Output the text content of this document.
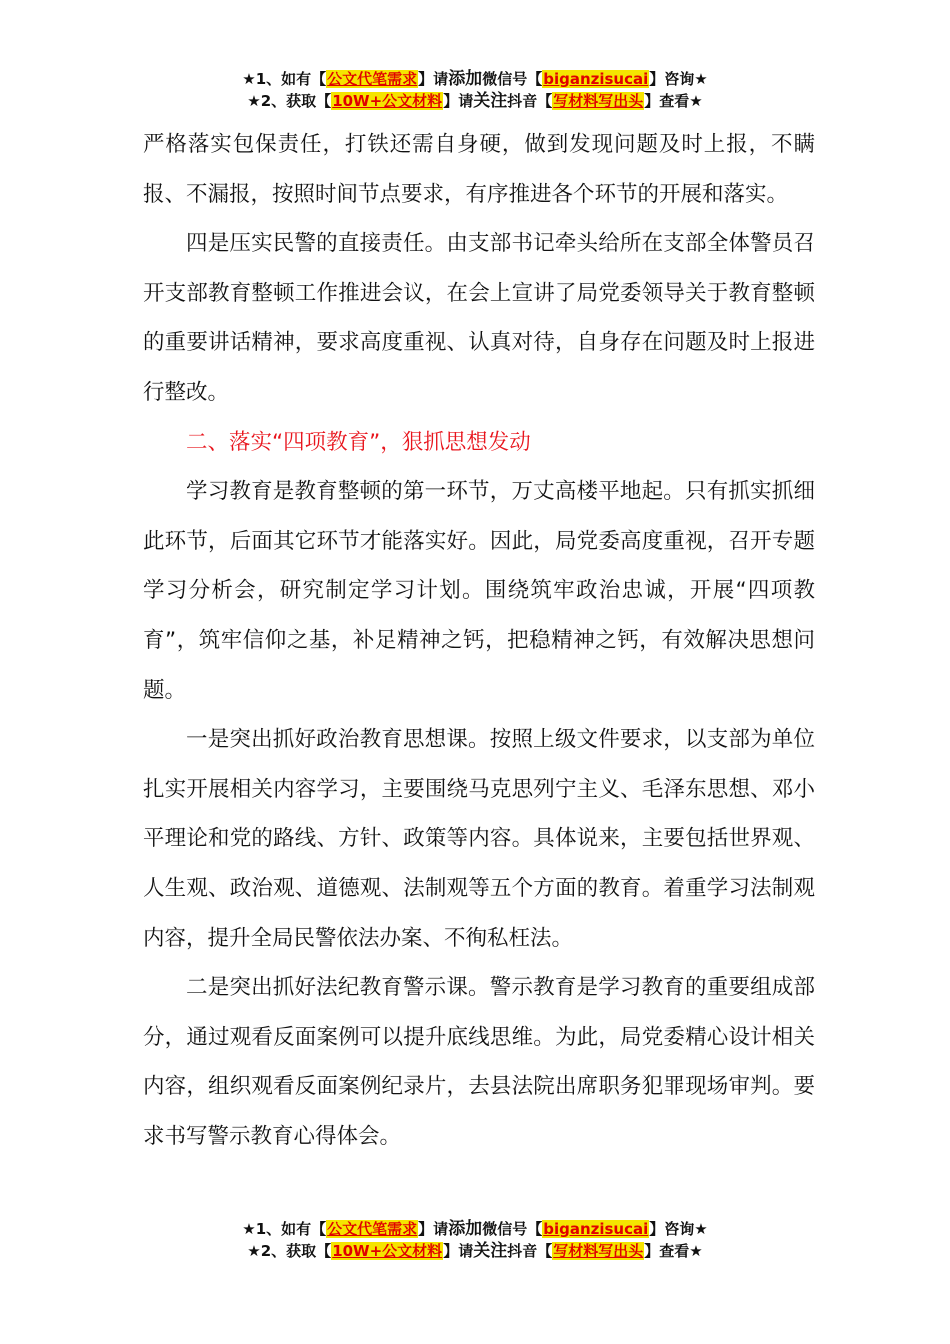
★1、如有【公文代笔需求】请添加微信号【biganzisucai】咨询★
★2、获取【10W+公文材料】请关注抖音【写材料写出头】查看★

严格落实包保责任，打铁还需自身硬，做到发现问题及时上报，不瞒报、不漏报，按照时间节点要求，有序推进各个环节的开展和落实。

四是压实民警的直接责任。由支部书记牵头给所在支部全体警员召开支部教育整顿工作推进会议，在会上宣讲了局党委领导关于教育整顿的重要讲话精神，要求高度重视、认真对待，自身存在问题及时上报进行整改。

二、落实“四项教育”，狠抓思想发动

学习教育是教育整顿的第一环节，万丈高楼平地起。只有抓实抓细此环节，后面其它环节才能落实好。因此，局党委高度重视，召开专题学习分析会，研究制定学习计划。围绕筑牢政治忠诚，开展“四项教育”，筑牢信仰之基，补足精神之钙，把稳精神之钙，有效解决思想问题。

一是突出抓好政治教育思想课。按照上级文件要求，以支部为单位扎实开展相关内容学习，主要围绕马克思列宁主义、毛泽东思想、邓小平理论和党的路线、方针、政策等内容。具体说来，主要包括世界观、人生观、政治观、道德观、法制观等五个方面的教育。着重学习法制观内容，提升全局民警依法办案、不徇私枉法。

二是突出抓好法纪教育警示课。警示教育是学习教育的重要组成部分，通过观看反面案例可以提升底线思维。为此，局党委精心设计相关内容，组织观看反面案例纪录片，去县法院出席职务犯罪现场审判。要求书写警示教育心得体会。

★1、如有【公文代笔需求】请添加微信号【biganzisucai】咨询★
★2、获取【10W+公文材料】请关注抖音【写材料写出头】查看★
